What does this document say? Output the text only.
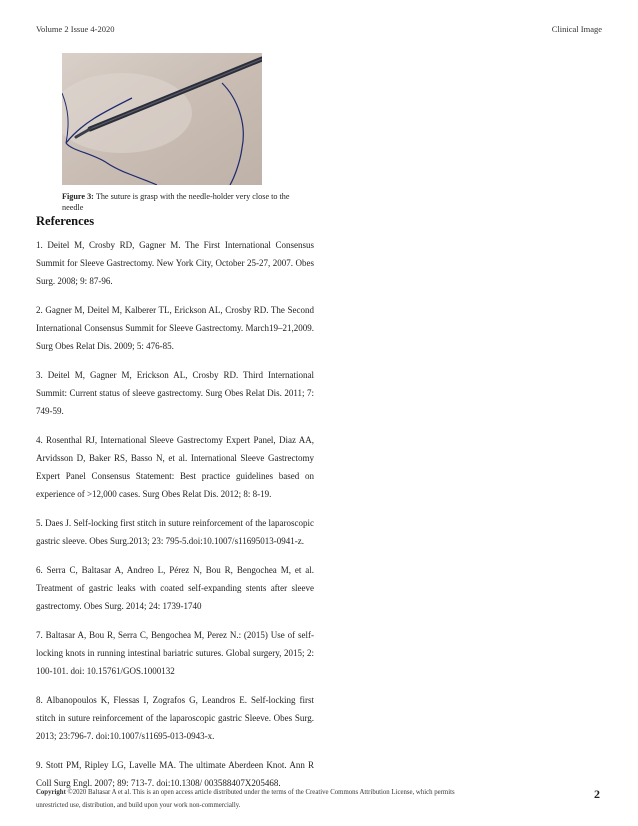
Volume 2 Issue 4-2020	Clinical Image
Figure 3: The suture is grasp with the needle-holder very close to the needle
References

1. Deitel M, Crosby RD, Gagner M. The First International Consensus Summit for Sleeve Gastrectomy. New York City, October 25-27, 2007. Obes Surg. 2008; 9: 87-96.

2. Gagner M, Deitel M, Kalberer TL, Erickson AL, Crosby RD. The Second International Consensus Summit for Sleeve Gastrectomy. March19–21,2009. Surg Obes Relat Dis. 2009; 5: 476-85.

3. Deitel M, Gagner M, Erickson AL, Crosby RD. Third International Summit: Current status of sleeve gastrectomy. Surg Obes Relat Dis. 2011; 7: 749-59.

4. Rosenthal RJ, International Sleeve Gastrectomy Expert Panel, Diaz AA, Arvidsson D, Baker RS, Basso N, et al. International Sleeve Gastrectomy Expert Panel Consensus Statement: Best practice guidelines based on experience of >12,000 cases. Surg Obes Relat Dis. 2012; 8: 8-19.

5. Daes J. Self-locking first stitch in suture reinforcement of the laparoscopic gastric sleeve. Obes Surg.2013; 23: 795-5.doi:10.1007/s11695013-0941-z.

6. Serra C, Baltasar A, Andreo L, Pérez N, Bou R, Bengochea M, et al. Treatment of gastric leaks with coated self-expanding stents after sleeve gastrectomy. Obes Surg. 2014; 24: 1739-1740

7. Baltasar A, Bou R, Serra C, Bengochea M, Perez N.: (2015) Use of self-locking knots in running intestinal bariatric sutures. Global surgery, 2015; 2: 100-101. doi: 10.15761/GOS.1000132

8. Albanopoulos K, Flessas I, Zografos G, Leandros E. Self-locking first stitch in suture reinforcement of the laparoscopic gastric Sleeve. Obes Surg. 2013; 23:796-7. doi:10.1007/s11695-013-0943-x.

9. Stott PM, Ripley LG, Lavelle MA. The ultimate Aberdeen Knot. Ann R Coll Surg Engl. 2007; 89: 713-7. doi:10.1308/ 003588407X205468.

Copyright ©2020 Baltasar A et al. This is an open access article distributed under the terms of the Creative Commons Attribution License, which permits unrestricted use, distribution, and build upon your work non-commercially.
2
